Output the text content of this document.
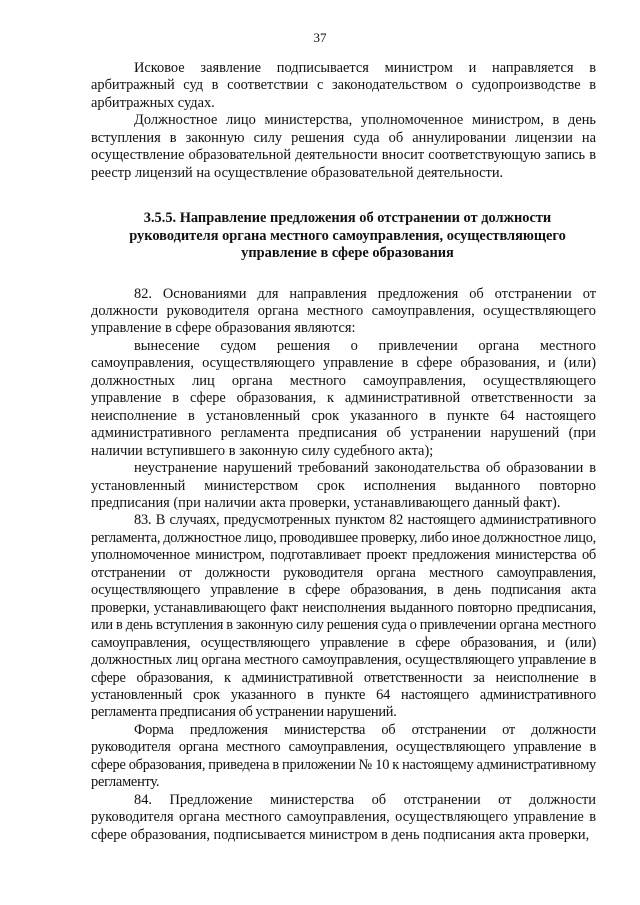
37

Исковое заявление подписывается министром и направляется в арбитражный суд в соответствии с законодательством о судопроизводстве в арбитражных судах.

Должностное лицо министерства, уполномоченное министром, в день вступления в законную силу решения суда об аннулировании лицензии на осуществление образовательной деятельности вносит соответствующую запись в реестр лицензий на осуществление образовательной деятельности.

3.5.5. Направление предложения об отстранении от должности руководителя органа местного самоуправления, осуществляющего управление в сфере образования

82. Основаниями для направления предложения об отстранении от должности руководителя органа местного самоуправления, осуществляющего управление в сфере образования являются:

вынесение судом решения о привлечении органа местного самоуправления, осуществляющего управление в сфере образования, и (или) должностных лиц органа местного самоуправления, осуществляющего управление в сфере образования, к административной ответственности за неисполнение в установленный срок указанного в пункте 64 настоящего административного регламента предписания об устранении нарушений (при наличии вступившего в законную силу судебного акта);

неустранение нарушений требований законодательства об образовании в установленный министерством срок исполнения выданного повторно предписания (при наличии акта проверки, устанавливающего данный факт).

83. В случаях, предусмотренных пунктом 82 настоящего административного регламента, должностное лицо, проводившее проверку, либо иное должностное лицо, уполномоченное министром, подготавливает проект предложения министерства об отстранении от должности руководителя органа местного самоуправления, осуществляющего управление в сфере образования, в день подписания акта проверки, устанавливающего факт неисполнения выданного повторно предписания, или в день вступления в законную силу решения суда о привлечении органа местного самоуправления, осуществляющего управление в сфере образования, и (или) должностных лиц органа местного самоуправления, осуществляющего управление в сфере образования, к административной ответственности за неисполнение в установленный срок указанного в пункте 64 настоящего административного регламента предписания об устранении нарушений.

Форма предложения министерства об отстранении от должности руководителя органа местного самоуправления, осуществляющего управление в сфере образования, приведена в приложении № 10 к настоящему административному регламенту.

84. Предложение министерства об отстранении от должности руководителя органа местного самоуправления, осуществляющего управление в сфере образования, подписывается министром в день подписания акта проверки,
